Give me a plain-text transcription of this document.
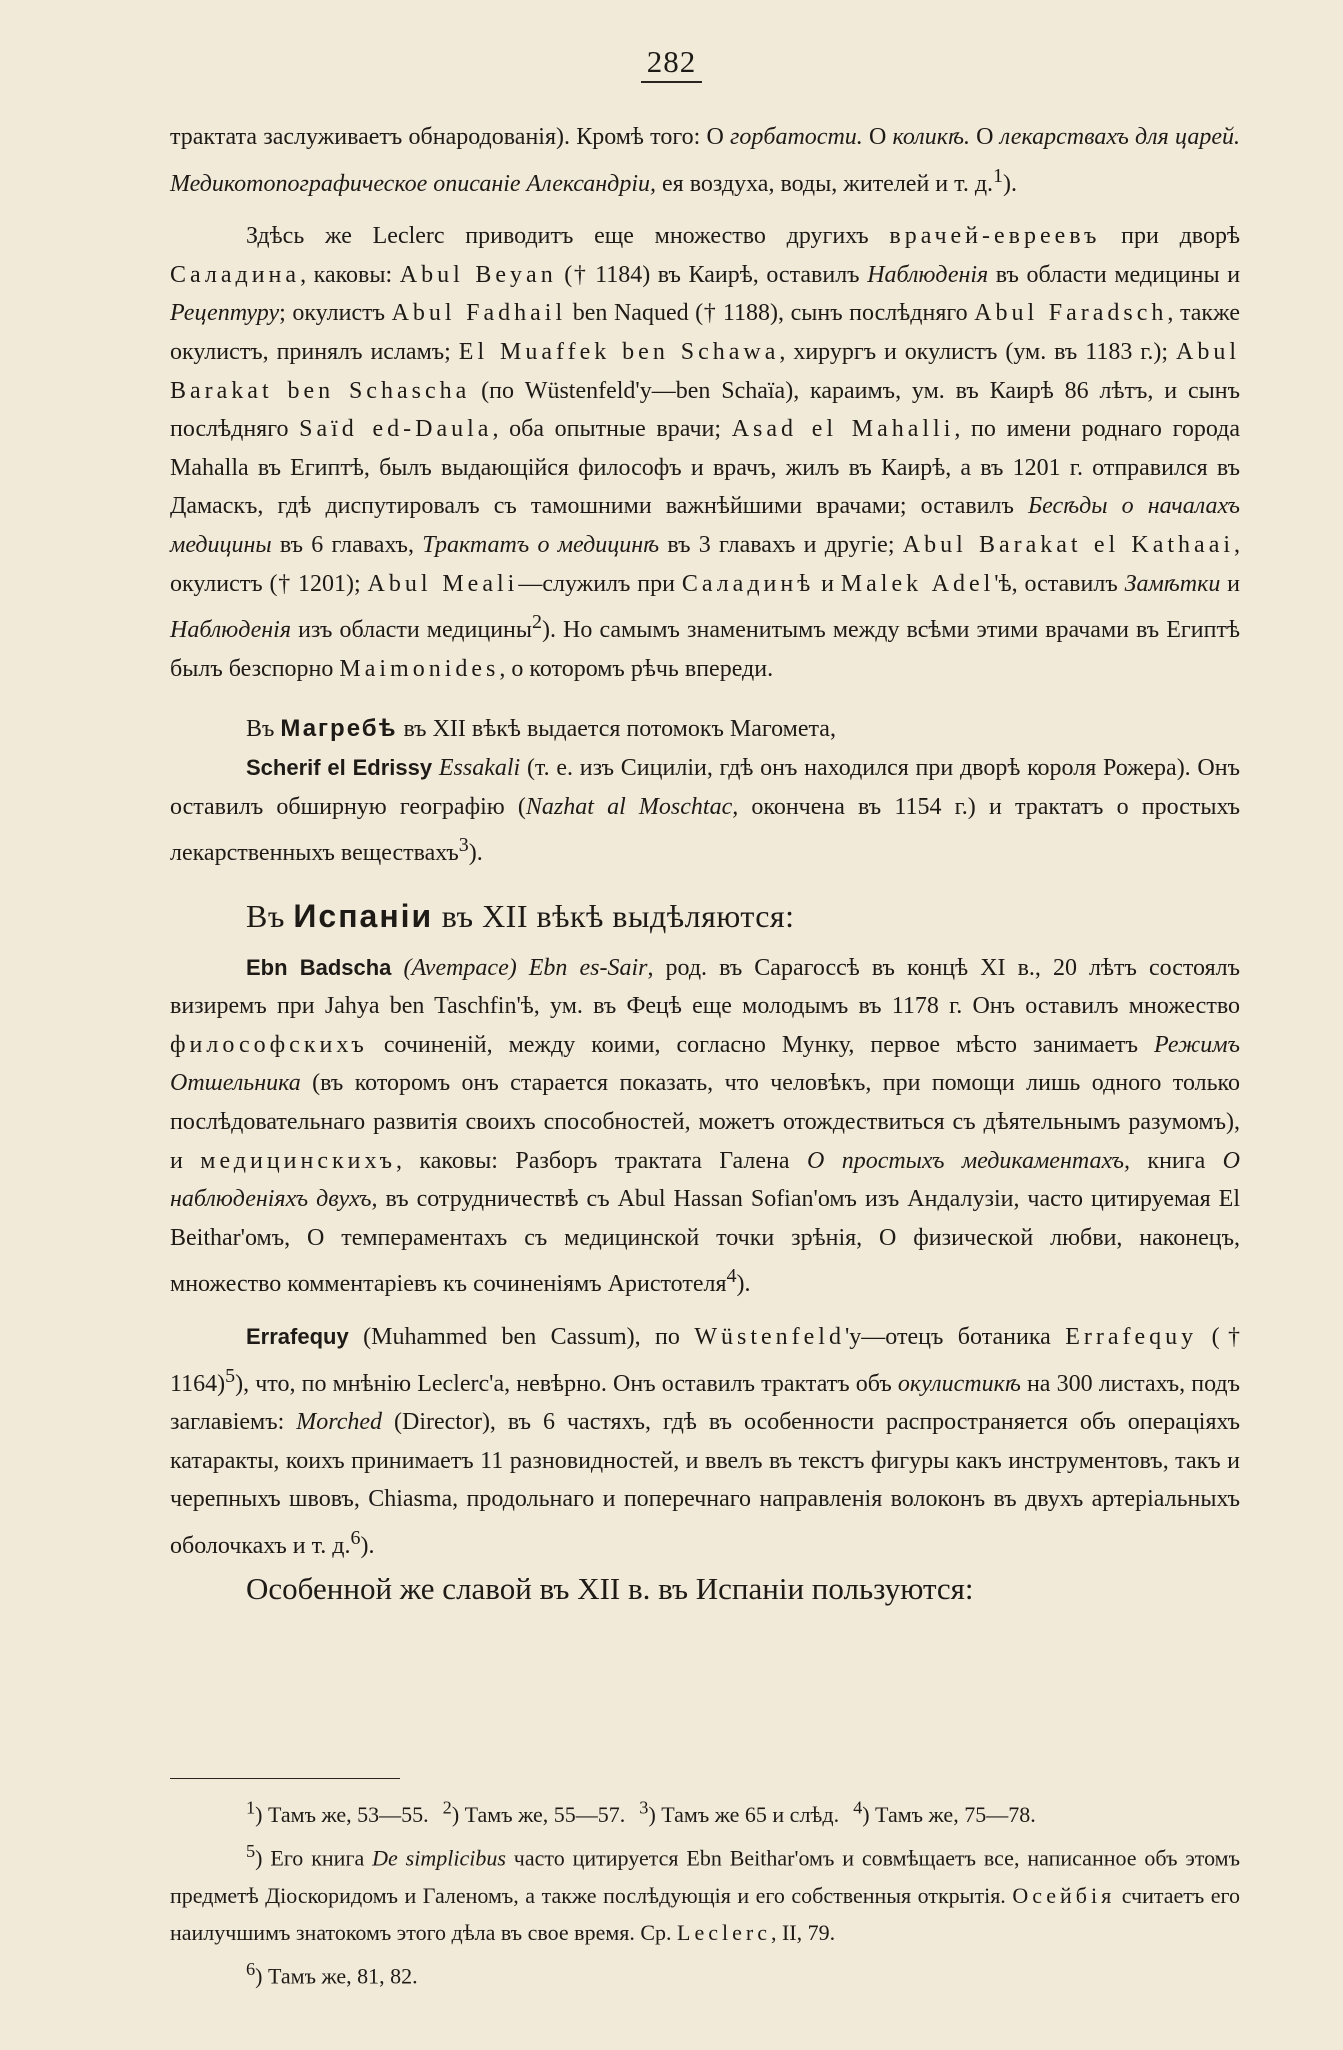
282

трактата заслуживаетъ обнародованія). Кромѣ того: О горбатости. О коликѣ. О лекарствахъ для царей. Медикотопографическое описаніе Александріи, ея воздуха, воды, жителей и т. д.$^1$).

Здѣсь же Leclerc приводитъ еще множество другихъ врачей-евреевъ при дворѣ Саладина, каковы: Abul Beyan († 1184) въ Каирѣ, оставилъ Наблюденія въ области медицины и Рецептуру; окулистъ Abul Fadhail ben Naqued († 1188), сынъ послѣдняго Abul Faradsch, также окулистъ, принялъ исламъ; El Muaffek ben Schawa, хирургъ и окулистъ (ум. въ 1183 г.); Abul Barakat ben Schascha (по Wüstenfeld'у—ben Schaïa), караимъ, ум. въ Каирѣ 86 лѣтъ, и сынъ послѣдняго Saïd ed-Daula, оба опытные врачи; Asad el Mahalli, по имени роднаго города Mahalla въ Египтѣ, былъ выдающійся философъ и врачъ, жилъ въ Каирѣ, а въ 1201 г. отправился въ Дамаскъ, гдѣ диспутировалъ съ тамошними важнѣйшими врачами; оставилъ Бесѣды о началахъ медицины въ 6 главахъ, Трактатъ о медицинѣ въ 3 главахъ и другіе; Abul Barakat el Kathaai, окулистъ († 1201); Abul Meali—служилъ при Саладинѣ и Malek Adel'ѣ, оставилъ Замѣтки и Наблюденія изъ области медицины$^2$). Но самымъ знаменитымъ между всѣми этими врачами въ Египтѣ былъ безспорно Maimonides, о которомъ рѣчь впереди.

Въ Магребѣ въ XII вѣкѣ выдается потомокъ Магомета,

Scherif el Edrissy Essakali (т. е. изъ Сициліи, гдѣ онъ находился при дворѣ короля Рожера). Онъ оставилъ обширную географію (Nazhat al Moschtac, окончена въ 1154 г.) и трактатъ о простыхъ лекарственныхъ веществахъ$^3$).

Въ Испаніи въ XII вѣкѣ выдѣляются:

Ebn Badscha (Avempace) Ebn es-Sair, род. въ Сарагоссѣ въ концѣ XI в., 20 лѣтъ состоялъ визиремъ при Jahya ben Taschfin'ѣ, ум. въ Фецѣ еще молодымъ въ 1178 г. Онъ оставилъ множество философскихъ сочиненій, между коими, согласно Мунку, первое мѣсто занимаетъ Режимъ Отшельника (въ которомъ онъ старается показать, что человѣкъ, при помощи лишь одного только послѣдовательнаго развитія своихъ способностей, можетъ отождествиться съ дѣятельнымъ разумомъ), и медицинскихъ, каковы: Разборъ трактата Галена О простыхъ медикаментахъ, книга О наблюденіяхъ двухъ, въ сотрудничествѣ съ Abul Hassan Sofian'омъ изъ Андалузіи, часто цитируемая El Beithar'омъ, О темпераментахъ съ медицинской точки зрѣнія, О физической любви, наконецъ, множество комментаріевъ къ сочиненіямъ Аристотеля$^4$).

Errafequy (Muhammed ben Cassum), по Wüstenfeld'у—отецъ ботаника Errafequy († 1164)$^5$), что, по мнѣнію Leclerc'а, невѣрно. Онъ оставилъ трактатъ объ окулистикѣ на 300 листахъ, подъ заглавіемъ: Morched (Director), въ 6 частяхъ, гдѣ въ особенности распространяется объ операціяхъ катаракты, коихъ принимаетъ 11 разновидностей, и ввелъ въ текстъ фигуры какъ инструментовъ, такъ и черепныхъ швовъ, Chiasma, продольнаго и поперечнаго направленія волоконъ въ двухъ артеріальныхъ оболочкахъ и т. д.$^6$).

Особенной же славой въ XII в. въ Испаніи пользуются:

$^1$) Тамъ же, 53—55. $^2$) Тамъ же, 55—57. $^3$) Тамъ же 65 и слѣд. $^4$) Тамъ же, 75—78.

$^5$) Его книга De simplicibus часто цитируется Ebn Beithar'омъ и совмѣщаетъ все, написанное объ этомъ предметѣ Діоскоридомъ и Галеномъ, а также послѣдующія и его собственныя открытія. Осейбія считаетъ его наилучшимъ знатокомъ этого дѣла въ свое время. Ср. Leclerc, II, 79.

$^6$) Тамъ же, 81, 82.
